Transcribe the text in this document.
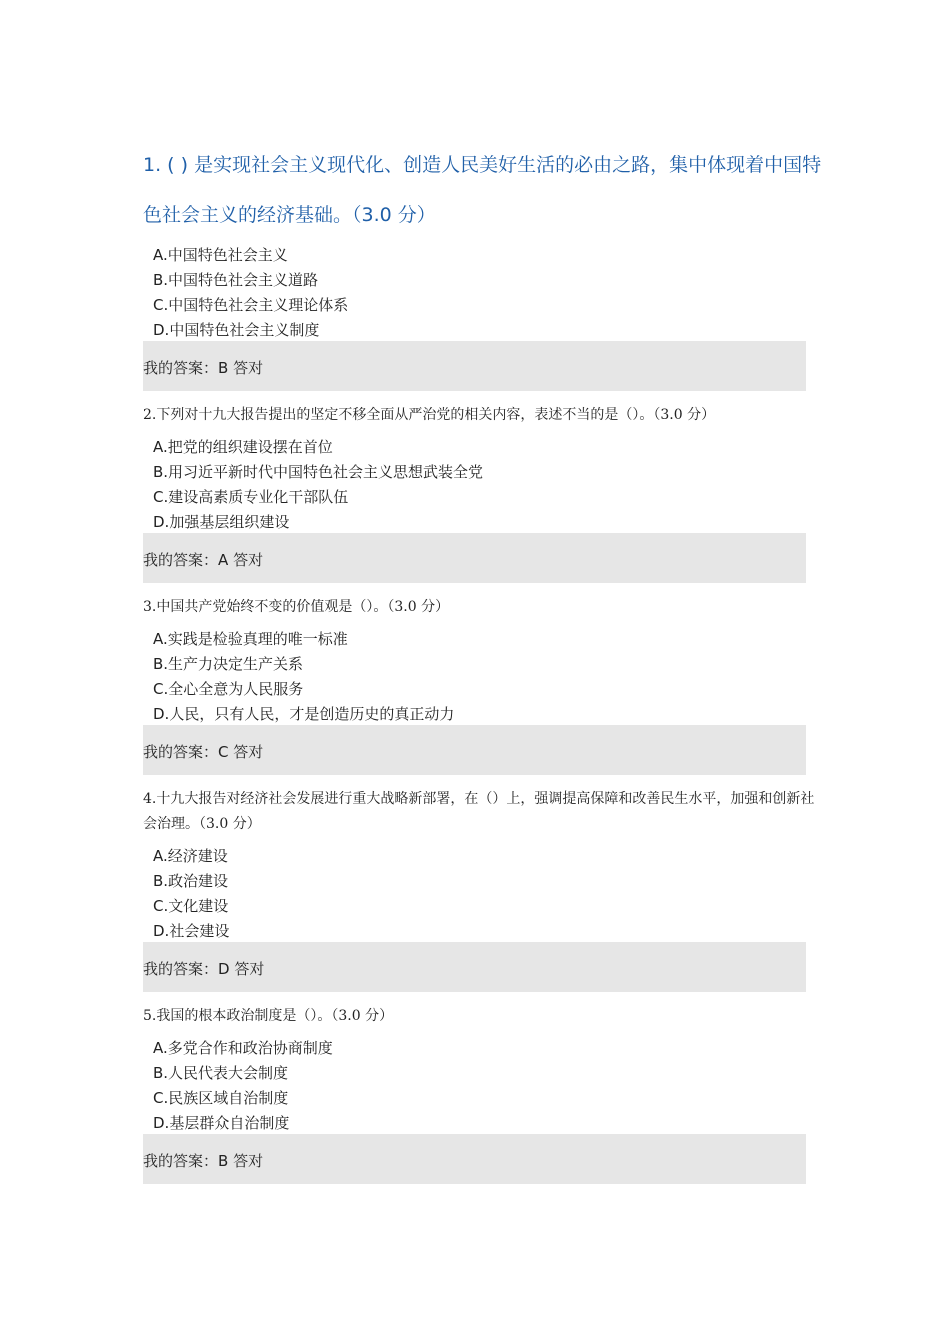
1. ( ) 是实现社会主义现代化、创造人民美好生活的必由之路，集中体现着中国特色社会主义的经济基础。（3.0 分）
A.中国特色社会主义
B.中国特色社会主义道路
C.中国特色社会主义理论体系
D.中国特色社会主义制度
我的答案：B 答对
2.下列对十九大报告提出的坚定不移全面从严治党的相关内容，表述不当的是（）。（3.0 分）
A.把党的组织建设摆在首位
B.用习近平新时代中国特色社会主义思想武装全党
C.建设高素质专业化干部队伍
D.加强基层组织建设
我的答案：A 答对
3.中国共产党始终不变的价值观是（）。（3.0 分）
A.实践是检验真理的唯一标准
B.生产力决定生产关系
C.全心全意为人民服务
D.人民，只有人民，才是创造历史的真正动力
我的答案：C 答对
4.十九大报告对经济社会发展进行重大战略新部署，在（）上，强调提高保障和改善民生水平，加强和创新社会治理。（3.0 分）
A.经济建设
B.政治建设
C.文化建设
D.社会建设
我的答案：D 答对
5.我国的根本政治制度是（）。（3.0 分）
A.多党合作和政治协商制度
B.人民代表大会制度
C.民族区域自治制度
D.基层群众自治制度
我的答案：B 答对
